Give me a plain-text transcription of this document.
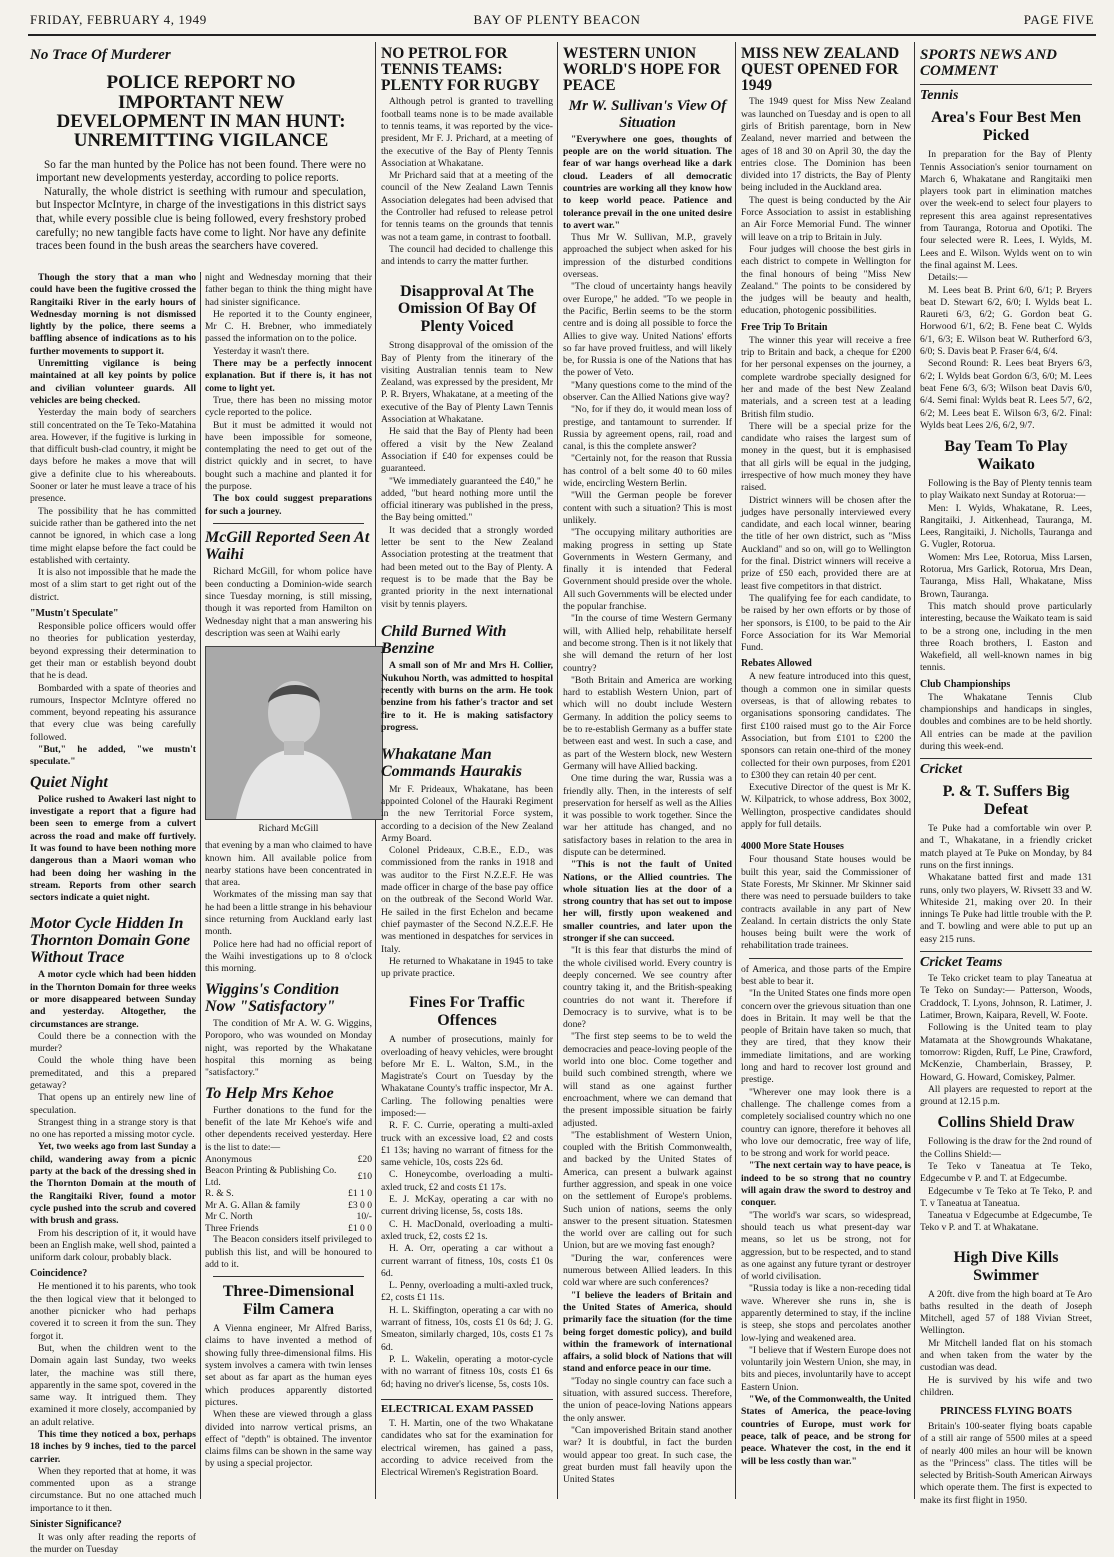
FRIDAY, FEBRUARY 4, 1949	BAY OF PLENTY BEACON	PAGE FIVE
No Trace Of Murderer
POLICE REPORT NO IMPORTANT NEW DEVELOPMENT IN MAN HUNT: UNREMITTING VIGILANCE

So far the man hunted by the Police has not been found. There were no important new developments yesterday, according to police reports.

Naturally, the whole district is seething with rumour and speculation, but Inspector McIntyre, in charge of the investigations in this district says that, while every possible clue is being followed, every freshstory probed carefully; no new tangible facts have come to light. Nor have any definite traces been found in the bush areas the searchers have covered.

Though the story that a man who could have been the fugitive crossed the Rangitaiki River in the early hours of Wednesday morning is not dismissed lightly by the police, there seems a baffling absence of indications as to his further movements to support it.

Unremitting vigilance is being maintained at all key points by police and civilian volunteer guards. All vehicles are being checked.

Yesterday the main body of searchers still concentrated on the Te Teko-Matahina area. However, if the fugitive is lurking in that difficult bush-clad country, it might be days before he makes a move that will give a definite clue to his whereabouts. Sooner or later he must leave a trace of his presence.

The possibility that he has committed suicide rather than be gathered into the net cannot be ignored, in which case a long time might elapse before the fact could be established with certainty.

It is also not impossible that he made the most of a slim start to get right out of the district.

"Mustn't Speculate"

Responsible police officers would offer no theories for publication yesterday, beyond expressing their determination to get their man or establish beyond doubt that he is dead.

Bombarded with a spate of theories and rumours, Inspector McIntyre offered no comment, beyond repeating his assurance that every clue was being carefully followed.

"But," he added, "we mustn't speculate."

Quiet Night

Police rushed to Awakeri last night to investigate a report that a figure had been seen to emerge from a culvert across the road and make off furtively. It was found to have been nothing more dangerous than a Maori woman who had been doing her washing in the stream. Reports from other search sectors indicate a quiet night.

Motor Cycle Hidden In Thornton Domain Gone Without Trace

A motor cycle which had been hidden in the Thornton Domain for three weeks or more disappeared between Sunday and yesterday. Altogether, the circumstances are strange.

Could there be a connection with the murder?

Could the whole thing have been premeditated, and this a prepared getaway?

That opens up an entirely new line of speculation.

Strangest thing in a strange story is that no one has reported a missing motor cycle.

Yet, two weeks ago from last Sunday a child, wandering away from a picnic party at the back of the dressing shed in the Thornton Domain at the mouth of the Rangitaiki River, found a motor cycle pushed into the scrub and covered with brush and grass.

From his description of it, it would have been an English make, well shod, painted a uniform dark colour, probably black.

Coincidence?

He mentioned it to his parents, who took the then logical view that it belonged to another picnicker who had perhaps covered it to screen it from the sun. They forgot it.

But, when the children went to the Domain again last Sunday, two weeks later, the machine was still there, apparently in the same spot, covered in the same way. It intrigued them. They examined it more closely, accompanied by an adult relative.

This time they noticed a box, perhaps 18 inches by 9 inches, tied to the parcel carrier.

When they reported that at home, it was commented upon as a strange circumstance. But no one attached much importance to it then.

Sinister Significance?

It was only after reading the reports of the murder on Tuesday

night and Wednesday morning that their father began to think the thing might have had sinister significance.

He reported it to the County engineer, Mr C. H. Brebner, who immediately passed the information on to the police.

Yesterday it wasn't there.

There may be a perfectly innocent explanation. But if there is, it has not come to light yet.

True, there has been no missing motor cycle reported to the police.

But it must be admitted it would not have been impossible for someone, contemplating the need to get out of the district quickly and in secret, to have bought such a machine and planted it for the purpose.

The box could suggest preparations for such a journey.

McGill Reported Seen At Waihi

Richard McGill, for whom police have been conducting a Dominion-wide search since Tuesday morning, is still missing, though it was reported from Hamilton on Wednesday night that a man answering his description was seen at Waihi early

Richard McGill

that evening by a man who claimed to have known him. All available police from nearby stations have been concentrated in that area.

Workmates of the missing man say that he had been a little strange in his behaviour since returning from Auckland early last month.

Police here had had no official report of the Waihi investigations up to 8 o'clock this morning.

Wiggins's Condition Now "Satisfactory"

The condition of Mr A. W. G. Wiggins, Poroporo, who was wounded on Monday night, was reported by the Whakatane hospital this morning as being "satisfactory."

To Help Mrs Kehoe

Further donations to the fund for the benefit of the late Mr Kehoe's wife and other dependents received yesterday. Here is the list to date:—

Anonymous	£20
Beacon Printing & Publishing Co. Ltd.	£10
R. & S.	£1 1 0
Mr A. G. Allan & family	£3 0 0
Mr C. North	10/-
Three Friends	£1 0 0

The Beacon considers itself privileged to publish this list, and will be honoured to add to it.

Three-Dimensional Film Camera

A Vienna engineer, Mr Alfred Bariss, claims to have invented a method of showing fully three-dimensional films. His system involves a camera with twin lenses set about as far apart as the human eyes which produces apparently distorted pictures.

When these are viewed through a glass divided into narrow vertical prisms, an effect of "depth" is obtained. The inventor claims films can be shown in the same way by using a special projector.

NO PETROL FOR TENNIS TEAMS: PLENTY FOR RUGBY

Although petrol is granted to travelling football teams none is to be made available to tennis teams, it was reported by the vice-president, Mr F. J. Prichard, at a meeting of the executive of the Bay of Plenty Tennis Association at Whakatane.

Mr Prichard said that at a meeting of the council of the New Zealand Lawn Tennis Association delegates had been advised that the Controller had refused to release petrol for tennis teams on the grounds that tennis was not a team game, in contrast to football.

The council had decided to challenge this and intends to carry the matter further.

Disapproval At The Omission Of Bay Of Plenty Voiced

Strong disapproval of the omission of the Bay of Plenty from the itinerary of the visiting Australian tennis team to New Zealand, was expressed by the president, Mr P. R. Bryers, Whakatane, at a meeting of the executive of the Bay of Plenty Lawn Tennis Association at Whakatane.

He said that the Bay of Plenty had been offered a visit by the New Zealand Association if £40 for expenses could be guaranteed.

"We immediately guaranteed the £40," he added, "but heard nothing more until the official itinerary was published in the press, the Bay being omitted."

It was decided that a strongly worded letter be sent to the New Zealand Association protesting at the treatment that had been meted out to the Bay of Plenty. A request is to be made that the Bay be granted priority in the next international visit by tennis players.

Child Burned With Benzine

A small son of Mr and Mrs H. Collier, Nukuhou North, was admitted to hospital recently with burns on the arm. He took benzine from his father's tractor and set fire to it. He is making satisfactory progress.

Whakatane Man Commands Haurakis

Mr F. Prideaux, Whakatane, has been appointed Colonel of the Hauraki Regiment in the new Territorial Force system, according to a decision of the New Zealand Army Board.

Colonel Prideaux, C.B.E., E.D., was commissioned from the ranks in 1918 and was auditor to the First N.Z.E.F. He was made officer in charge of the base pay office on the outbreak of the Second World War. He sailed in the first Echelon and became chief paymaster of the Second N.Z.E.F. He was mentioned in despatches for services in Italy.

He returned to Whakatane in 1945 to take up private practice.

Fines For Traffic Offences

A number of prosecutions, mainly for overloading of heavy vehicles, were brought before Mr E. L. Walton, S.M., in the Magistrate's Court on Tuesday by the Whakatane County's traffic inspector, Mr A. Carling. The following penalties were imposed:—

R. F. C. Currie, operating a multi-axled truck with an excessive load, £2 and costs £1 13s; having no warrant of fitness for the same vehicle, 10s, costs 22s 6d.

C. Honeycombe, overloading a multi-axled truck, £2 and costs £1 17s.

E. J. McKay, operating a car with no current driving license, 5s, costs 18s.

C. H. MacDonald, overloading a multi-axled truck, £2, costs £2 1s.

H. A. Orr, operating a car without a current warrant of fitness, 10s, costs £1 0s 6d.

L. Penny, overloading a multi-axled truck, £2, costs £1 11s.

H. L. Skiffington, operating a car with no warrant of fitness, 10s, costs £1 0s 6d; J. G. Smeaton, similarly charged, 10s, costs £1 7s 6d.

P. L. Wakelin, operating a motor-cycle with no warrant of fitness 10s, costs £1 6s 6d; having no driver's license, 5s, costs 10s.

ELECTRICAL EXAM PASSED

T. H. Martin, one of the two Whakatane candidates who sat for the examination for electrical wiremen, has gained a pass, according to advice received from the Electrical Wiremen's Registration Board.

WESTERN UNION WORLD'S HOPE FOR PEACE
Mr W. Sullivan's View Of Situation

"Everywhere one goes, thoughts of people are on the world situation. The fear of war hangs overhead like a dark cloud. Leaders of all democratic countries are working all they know how to keep world peace. Patience and tolerance prevail in the one united desire to avert war."

Thus Mr W. Sullivan, M.P., gravely approached the subject when asked for his impression of the disturbed conditions overseas.

"The cloud of uncertainty hangs heavily over Europe," he added. "To we people in the Pacific, Berlin seems to be the storm centre and is doing all possible to force the Allies to give way. United Nations' efforts so far have proved fruitless, and will likely be, for Russia is one of the Nations that has the power of Veto.

"Many questions come to the mind of the observer. Can the Allied Nations give way?

"No, for if they do, it would mean loss of prestige, and tantamount to surrender. If Russia by agreement opens, rail, road and canal, is this the complete answer?

"Certainly not, for the reason that Russia has control of a belt some 40 to 60 miles wide, encircling Western Berlin.

"Will the German people be forever content with such a situation? This is most unlikely.

"The occupying military authorities are making progress in setting up State Governments in Western Germany, and finally it is intended that Federal Government should preside over the whole. All such Governments will be elected under the popular franchise.

"In the course of time Western Germany will, with Allied help, rehabilitate herself and become strong. Then is it not likely that she will demand the return of her lost country?

"Both Britain and America are working hard to establish Western Union, part of which will no doubt include Western Germany. In addition the policy seems to be to re-establish Germany as a buffer state between east and west. In such a case, and as part of the Western block, new Western Germany will have Allied backing.

One time during the war, Russia was a friendly ally. Then, in the interests of self preservation for herself as well as the Allies it was possible to work together. Since the war her attitude has changed, and no satisfactory bases in relation to the area in dispute can be determined.

"This is not the fault of United Nations, or the Allied countries. The whole situation lies at the door of a strong country that has set out to impose her will, firstly upon weakened and smaller countries, and later upon the stronger if she can succeed.

"It is this fear that disturbs the mind of the whole civilised world. Every country is deeply concerned. We see country after country taking it, and the British-speaking countries do not want it. Therefore if Democracy is to survive, what is to be done?

"The first step seems to be to weld the democracies and peace-loving people of the world into one bloc. Come together and build such combined strength, where we will stand as one against further encroachment, where we can demand that the present impossible situation be fairly adjusted.

"The establishment of Western Union, coupled with the British Commonwealth, and backed by the United States of America, can present a bulwark against further aggression, and speak in one voice on the settlement of Europe's problems. Such union of nations, seems the only answer to the present situation. Statesmen the world over are calling out for such Union, but are we moving fast enough?

"During the war, conferences were numerous between Allied leaders. In this cold war where are such conferences?

"I believe the leaders of Britain and the United States of America, should primarily face the situation (for the time being forget domestic policy), and build within the framework of international affairs, a solid block of Nations that will stand and enforce peace in our time.

"Today no single country can face such a situation, with assured success. Therefore, the union of peace-loving Nations appears the only answer.

"Can impoverished Britain stand another war? It is doubtful, in fact the burden would appear too great. In such case, the great burden must fall heavily upon the United States

MISS NEW ZEALAND QUEST OPENED FOR 1949

The 1949 quest for Miss New Zealand was launched on Tuesday and is open to all girls of British parentage, born in New Zealand, never married and between the ages of 18 and 30 on April 30, the day the entries close. The Dominion has been divided into 17 districts, the Bay of Plenty being included in the Auckland area.

The quest is being conducted by the Air Force Association to assist in establishing an Air Force Memorial Fund. The winner will leave on a trip to Britain in July.

Four judges will choose the best girls in each district to compete in Wellington for the final honours of being "Miss New Zealand." The points to be considered by the judges will be beauty and health, education, photogenic possibilities.

Free Trip To Britain

The winner this year will receive a free trip to Britain and back, a cheque for £200 for her personal expenses on the journey, a complete wardrobe specially designed for her and made of the best New Zealand materials, and a screen test at a leading British film studio.

There will be a special prize for the candidate who raises the largest sum of money in the quest, but it is emphasised that all girls will be equal in the judging, irrespective of how much money they have raised.

District winners will be chosen after the judges have personally interviewed every candidate, and each local winner, bearing the title of her own district, such as "Miss Auckland" and so on, will go to Wellington for the final. District winners will receive a prize of £50 each, provided there are at least five competitors in that district.

The qualifying fee for each candidate, to be raised by her own efforts or by those of her sponsors, is £100, to be paid to the Air Force Association for its War Memorial Fund.

Rebates Allowed

A new feature introduced into this quest, though a common one in similar quests overseas, is that of allowing rebates to organisations sponsoring candidates. The first £100 raised must go to the Air Force Association, but from £101 to £200 the sponsors can retain one-third of the money collected for their own purposes, from £201 to £300 they can retain 40 per cent.

Executive Director of the quest is Mr K. W. Kilpatrick, to whose address, Box 3002, Wellington, prospective candidates should apply for full details.

4000 More State Houses

Four thousand State houses would be built this year, said the Commissioner of State Forests, Mr Skinner. Mr Skinner said there was need to persuade builders to take contracts available in any part of New Zealand. In certain districts the only State houses being built were the work of rehabilitation trade trainees.

of America, and those parts of the Empire best able to bear it.

"In the United States one finds more open concern over the grievous situation than one does in Britain. It may well be that the people of Britain have taken so much, that they are tired, that they know their immediate limitations, and are working long and hard to recover lost ground and prestige.

"Wherever one may look there is a challenge. The challenge comes from a completely socialised country which no one country can ignore, therefore it behoves all who love our democratic, free way of life, to be strong and work for world peace.

"The next certain way to have peace, is indeed to be so strong that no country will again draw the sword to destroy and conquer.

"The world's war scars, so widespread, should teach us what present-day war means, so let us be strong, not for aggression, but to be respected, and to stand as one against any future tyrant or destroyer of world civilisation.

"Russia today is like a non-receding tidal wave. Wherever she runs in, she is apparently determined to stay, if the incline is steep, she stops and percolates another low-lying and weakened area.

"I believe that if Western Europe does not voluntarily join Western Union, she may, in bits and pieces, involuntarily have to accept Eastern Union.

"We, of the Commonwealth, the United States of America, the peace-loving countries of Europe, must work for peace, talk of peace, and be strong for peace. Whatever the cost, in the end it will be less costly than war."

SPORTS NEWS AND COMMENT
Tennis
Area's Four Best Men Picked

In preparation for the Bay of Plenty Tennis Association's senior tournament on March 6, Whakatane and Rangitaiki men players took part in elimination matches over the week-end to select four players to represent this area against representatives from Tauranga, Rotorua and Opotiki. The four selected were R. Lees, I. Wylds, M. Lees and E. Wilson. Wylds went on to win the final against M. Lees.

Details:—

M. Lees beat B. Print 6/0, 6/1; P. Bryers beat D. Stewart 6/2, 6/0; I. Wylds beat L. Raureti 6/3, 6/2; G. Gordon beat G. Horwood 6/1, 6/2; B. Fene beat C. Wylds 6/1, 6/3; E. Wilson beat W. Rutherford 6/3, 6/0; S. Davis beat P. Fraser 6/4, 6/4.

Second Round: R. Lees beat Bryers 6/3, 6/2; I. Wylds beat Gordon 6/3, 6/0; M. Lees beat Fene 6/3, 6/3; Wilson beat Davis 6/0, 6/4. Semi final: Wylds beat R. Lees 5/7, 6/2, 6/2; M. Lees beat E. Wilson 6/3, 6/2. Final: Wylds beat Lees 2/6, 6/2, 9/7.

Bay Team To Play Waikato

Following is the Bay of Plenty tennis team to play Waikato next Sunday at Rotorua:—

Men: I. Wylds, Whakatane, R. Lees, Rangitaiki, J. Aitkenhead, Tauranga, M. Lees, Rangitaiki, J. Nicholls, Tauranga and G. Vugler, Rotorua.

Women: Mrs Lee, Rotorua, Miss Larsen, Rotorua, Mrs Garlick, Rotorua, Mrs Dean, Tauranga, Miss Hall, Whakatane, Miss Brown, Tauranga.

This match should prove particularly interesting, because the Waikato team is said to be a strong one, including in the men three Roach brothers, I. Easton and Wakefield, all well-known names in big tennis.

Club Championships

The Whakatane Tennis Club championships and handicaps in singles, doubles and combines are to be held shortly. All entries can be made at the pavilion during this week-end.

Cricket
P. & T. Suffers Big Defeat

Te Puke had a comfortable win over P. and T., Whakatane, in a friendly cricket match played at Te Puke on Monday, by 84 runs on the first innings.

Whakatane batted first and made 131 runs, only two players, W. Rivsett 33 and W. Whiteside 21, making over 20. In their innings Te Puke had little trouble with the P. and T. bowling and were able to put up an easy 215 runs.

Cricket Teams

Te Teko cricket team to play Taneatua at Te Teko on Sunday:— Patterson, Woods, Craddock, T. Lyons, Johnson, R. Latimer, J. Latimer, Brown, Kaipara, Revell, W. Foote.

Following is the United team to play Matamata at the Showgrounds Whakatane, tomorrow: Rigden, Ruff, Le Pine, Crawford, McKenzie, Chamberlain, Brassey, P. Howard, G. Howard, Comiskey, Palmer.

All players are requested to report at the ground at 12.15 p.m.

Collins Shield Draw

Following is the draw for the 2nd round of the Collins Shield:—

Te Teko v Taneatua at Te Teko, Edgecumbe v P. and T. at Edgecumbe.

Edgecumbe v Te Teko at Te Teko, P. and T. v Taneatua at Taneatua.

Taneatua v Edgecumbe at Edgecumbe, Te Teko v P. and T. at Whakatane.

High Dive Kills Swimmer

A 20ft. dive from the high board at Te Aro baths resulted in the death of Joseph Mitchell, aged 57 of 188 Vivian Street, Wellington.

Mr Mitchell landed flat on his stomach and when taken from the water by the custodian was dead.

He is survived by his wife and two children.

PRINCESS FLYING BOATS

Britain's 100-seater flying boats capable of a still air range of 5500 miles at a speed of nearly 400 miles an hour will be known as the "Princess" class. The titles will be selected by British-South American Airways which operate them. The first is expected to make its first flight in 1950.
